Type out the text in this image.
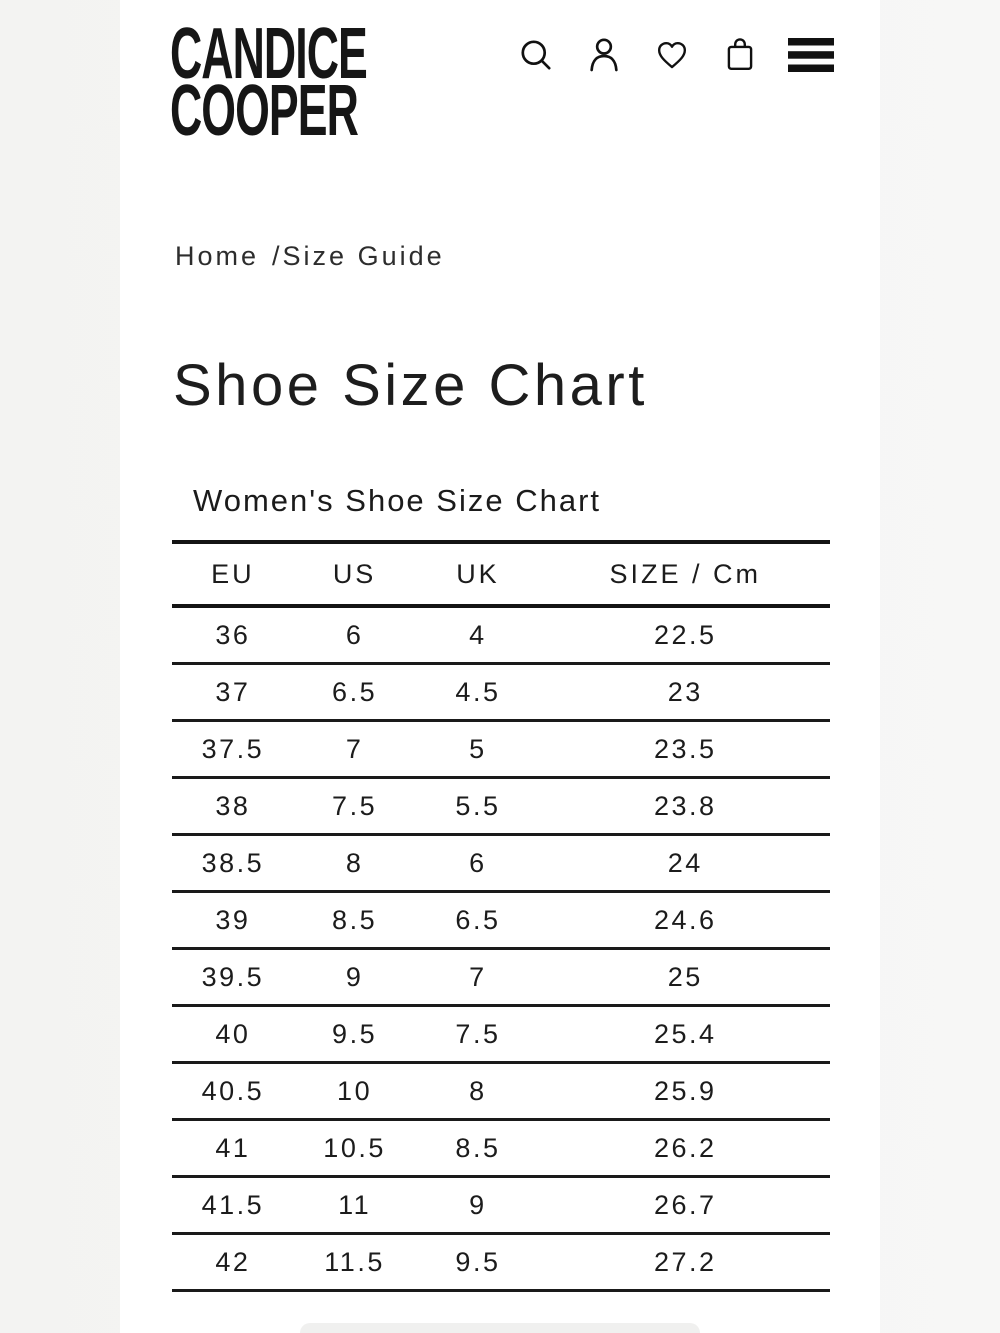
CANDICE
COOPER
Home /Size Guide
Shoe Size Chart
Women's Shoe Size Chart
EU	US	UK	SIZE / Cm
36	6	4	22.5
37	6.5	4.5	23
37.5	7	5	23.5
38	7.5	5.5	23.8
38.5	8	6	24
39	8.5	6.5	24.6
39.5	9	7	25
40	9.5	7.5	25.4
40.5	10	8	25.9
41	10.5	8.5	26.2
41.5	11	9	26.7
42	11.5	9.5	27.2
